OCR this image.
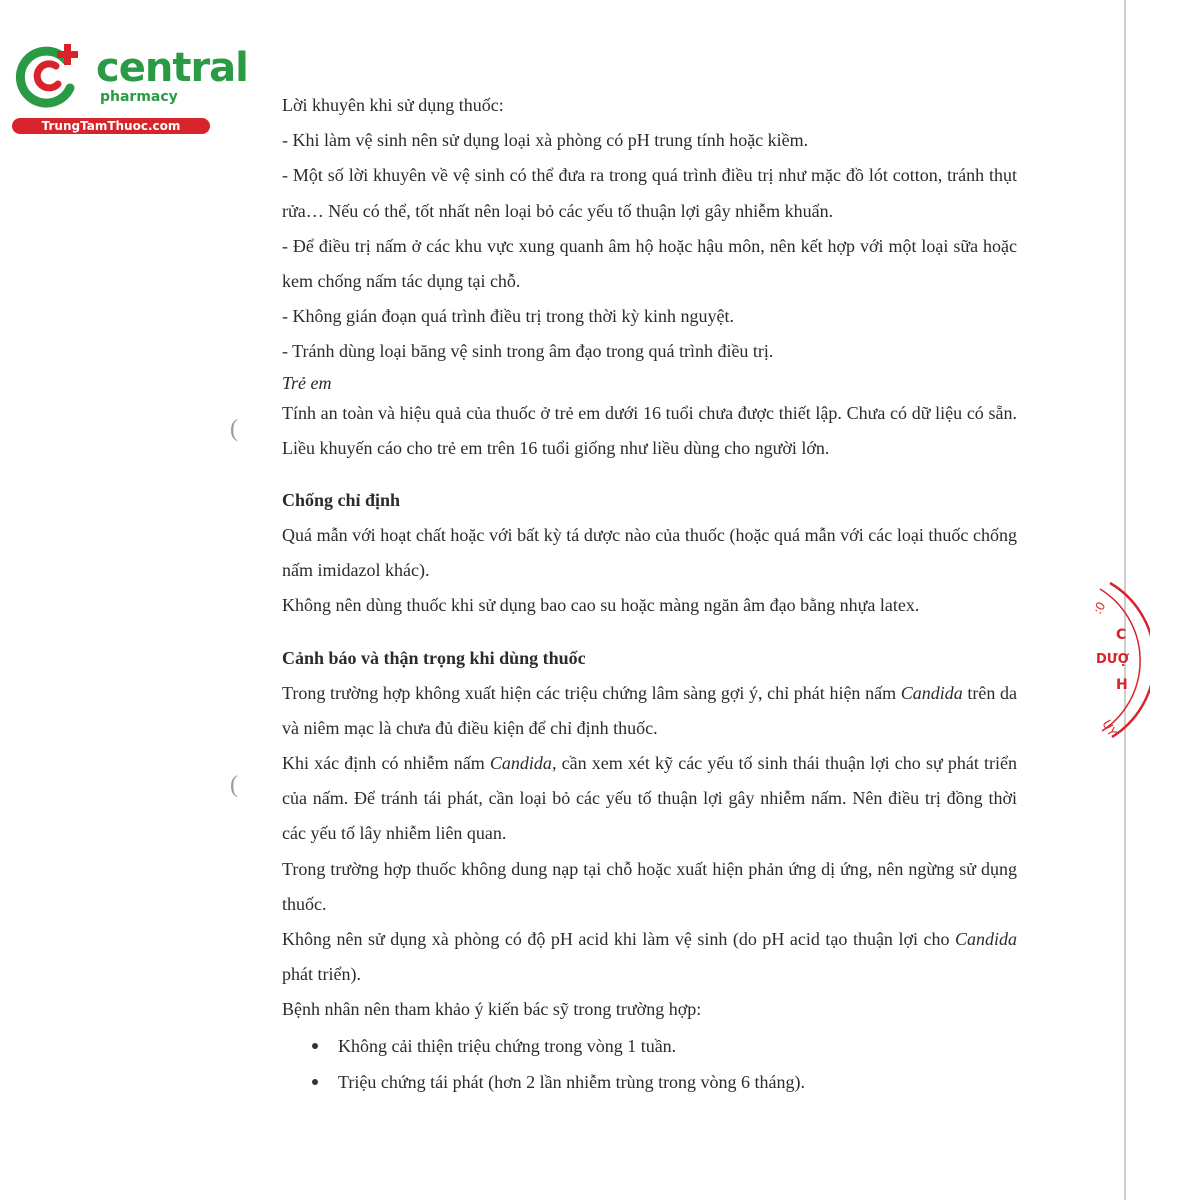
central
pharmacy
TrungTamThuoc.com
:0
C
DƯỢ
H
UY
(
(

Lời khuyên khi sử dụng thuốc:

- Khi làm vệ sinh nên sử dụng loại xà phòng có pH trung tính hoặc kiềm.

- Một số lời khuyên về vệ sinh có thể đưa ra trong quá trình điều trị như mặc đồ lót cotton, tránh thụt rửa… Nếu có thể, tốt nhất nên loại bỏ các yếu tố thuận lợi gây nhiễm khuẩn.

- Để điều trị nấm ở các khu vực xung quanh âm hộ hoặc hậu môn, nên kết hợp với một loại sữa hoặc kem chống nấm tác dụng tại chỗ.

- Không gián đoạn quá trình điều trị trong thời kỳ kinh nguyệt.

- Tránh dùng loại băng vệ sinh trong âm đạo trong quá trình điều trị.

Trẻ em

Tính an toàn và hiệu quả của thuốc ở trẻ em dưới 16 tuổi chưa được thiết lập. Chưa có dữ liệu có sẵn. Liều khuyến cáo cho trẻ em trên 16 tuổi giống như liều dùng cho người lớn.

Chống chỉ định

Quá mẫn với hoạt chất hoặc với bất kỳ tá dược nào của thuốc (hoặc quá mẫn với các loại thuốc chống nấm imidazol khác).

Không nên dùng thuốc khi sử dụng bao cao su hoặc màng ngăn âm đạo bằng nhựa latex.

Cảnh báo và thận trọng khi dùng thuốc

Trong trường hợp không xuất hiện các triệu chứng lâm sàng gợi ý, chỉ phát hiện nấm Candida trên da và niêm mạc là chưa đủ điều kiện để chỉ định thuốc.

Khi xác định có nhiễm nấm Candida, cần xem xét kỹ các yếu tố sinh thái thuận lợi cho sự phát triển của nấm. Để tránh tái phát, cần loại bỏ các yếu tố thuận lợi gây nhiễm nấm. Nên điều trị đồng thời các yếu tố lây nhiễm liên quan.

Trong trường hợp thuốc không dung nạp tại chỗ hoặc xuất hiện phản ứng dị ứng, nên ngừng sử dụng thuốc.

Không nên sử dụng xà phòng có độ pH acid khi làm vệ sinh (do pH acid tạo thuận lợi cho Candida phát triển).

Bệnh nhân nên tham khảo ý kiến bác sỹ trong trường hợp:

Không cải thiện triệu chứng trong vòng 1 tuần.
Triệu chứng tái phát (hơn 2 lần nhiễm trùng trong vòng 6 tháng).
